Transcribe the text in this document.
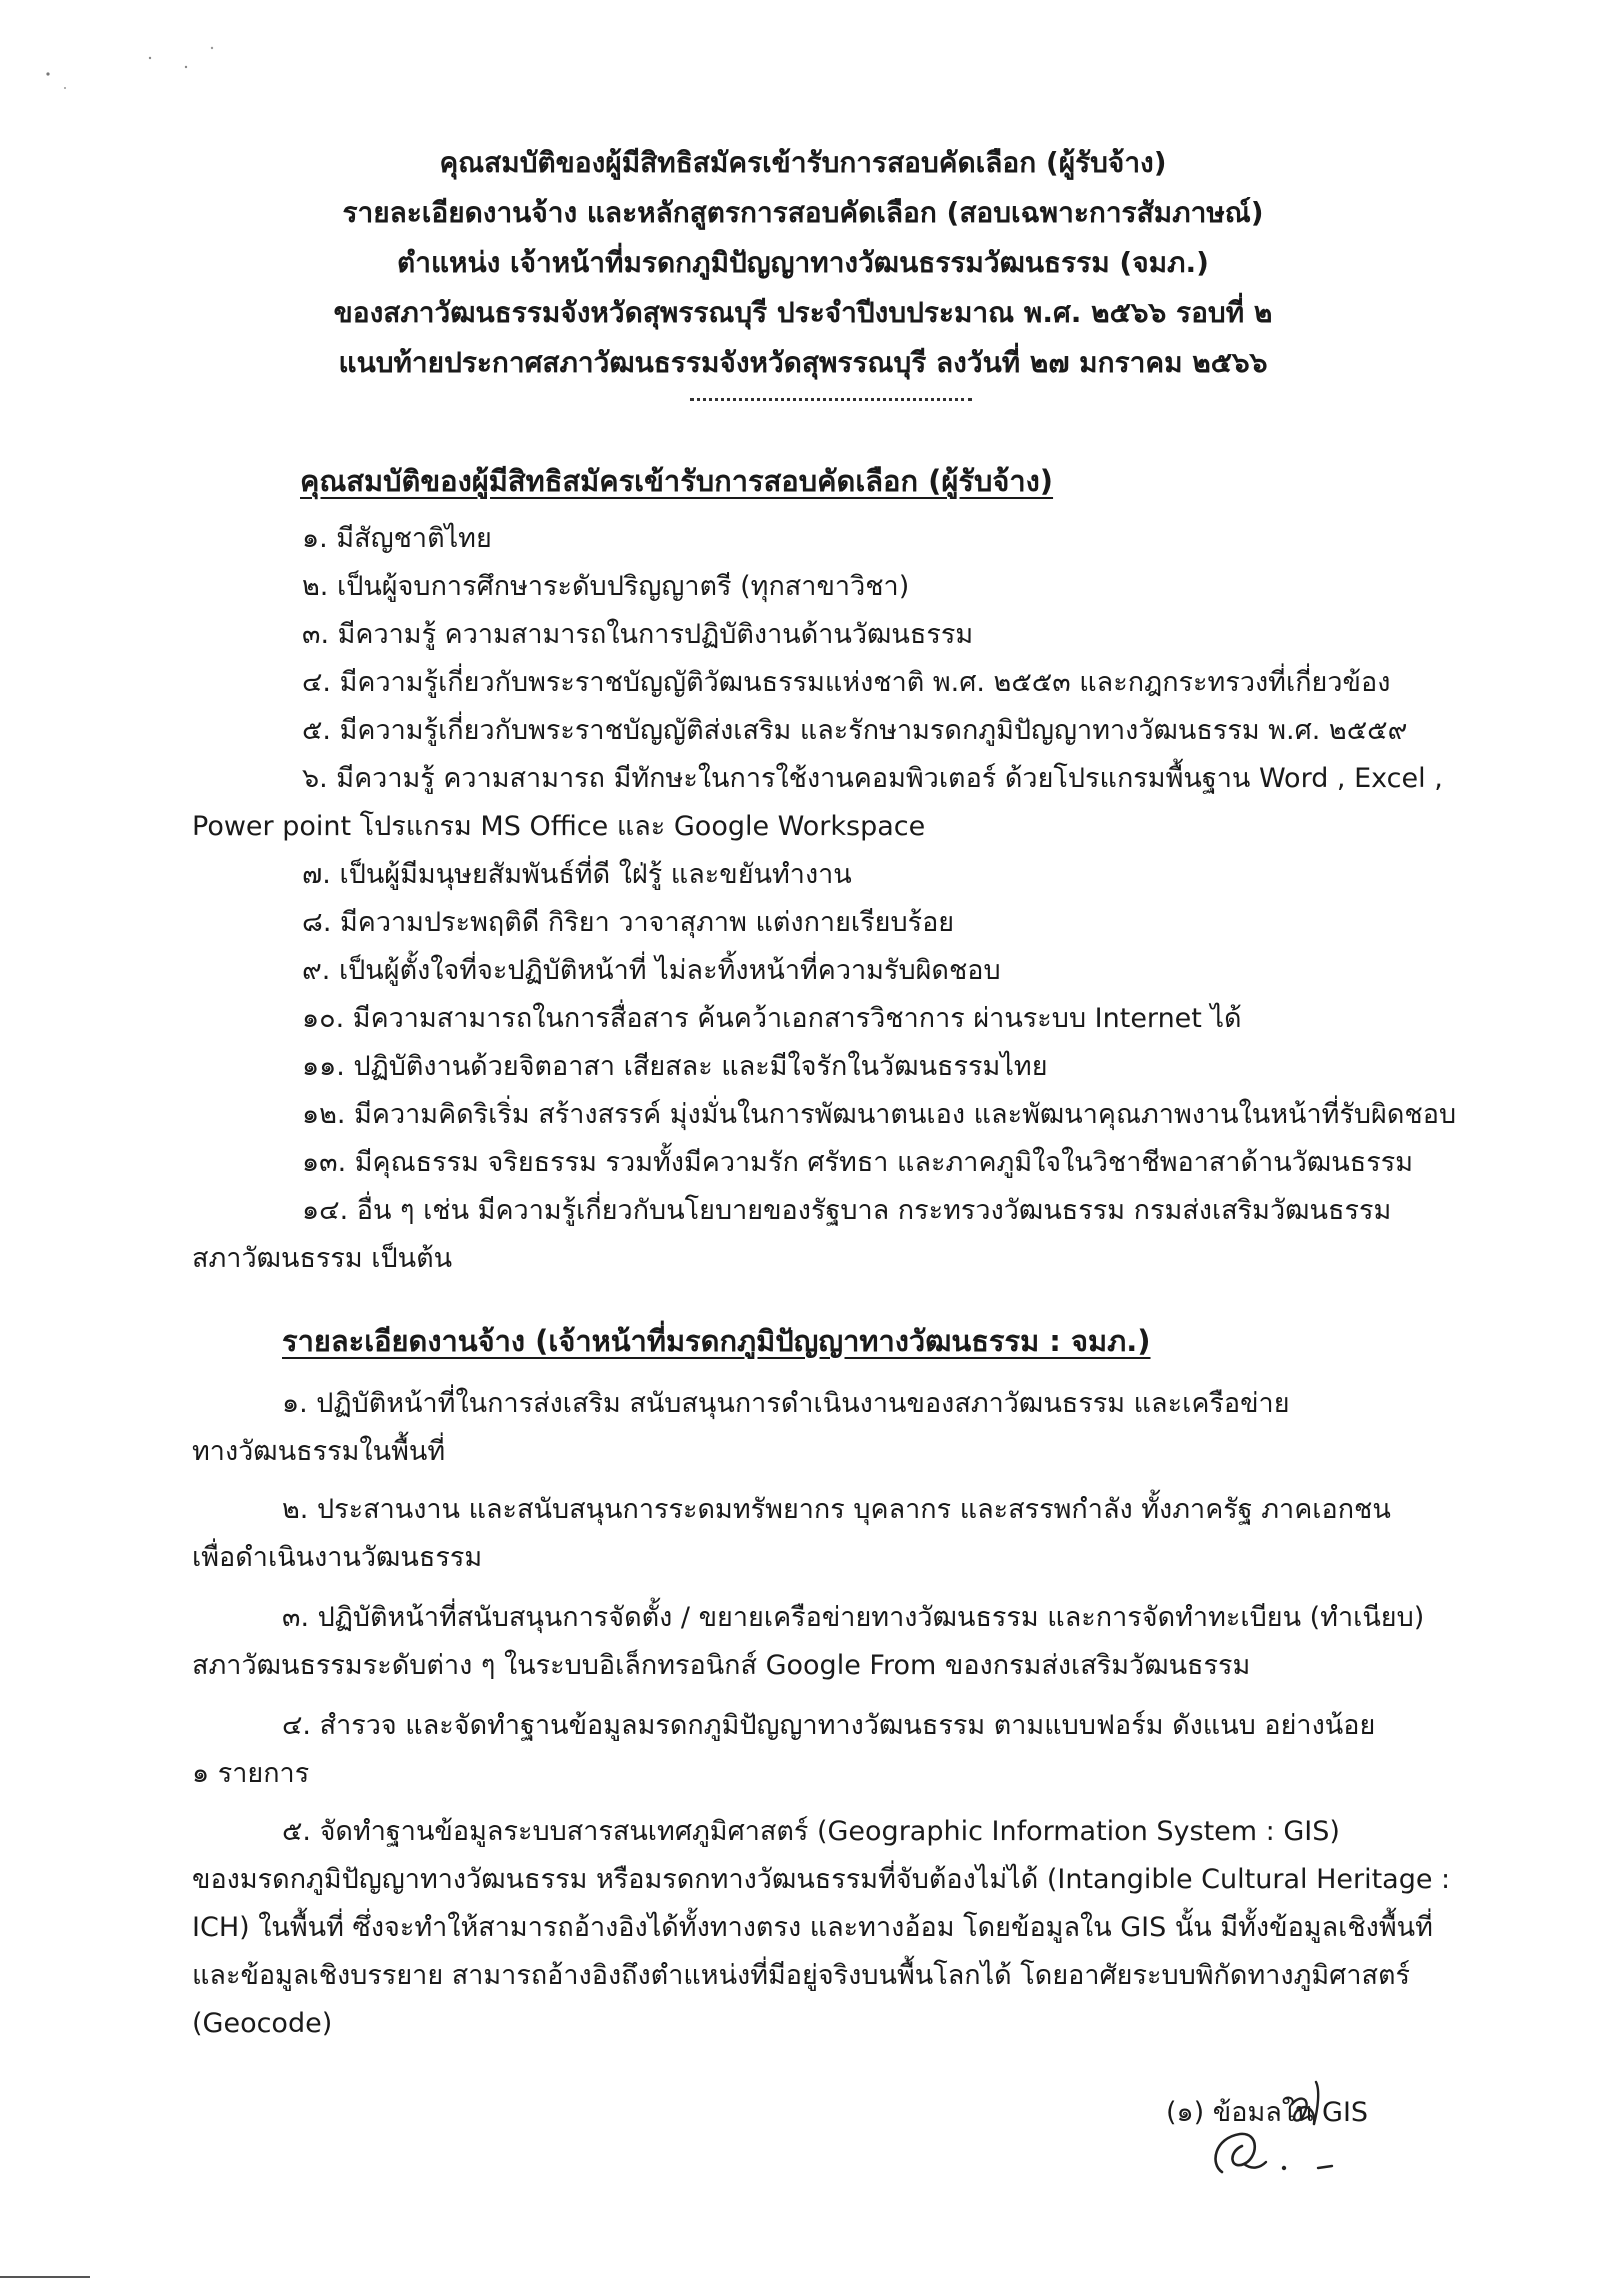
คุณสมบัติของผู้มีสิทธิสมัครเข้ารับการสอบคัดเลือก (ผู้รับจ้าง)
รายละเอียดงานจ้าง และหลักสูตรการสอบคัดเลือก (สอบเฉพาะการสัมภาษณ์)
ตำแหน่ง เจ้าหน้าที่มรดกภูมิปัญญาทางวัฒนธรรมวัฒนธรรม (จมภ.)
ของสภาวัฒนธรรมจังหวัดสุพรรณบุรี ประจำปีงบประมาณ พ.ศ. ๒๕๖๖ รอบที่ ๒
แนบท้ายประกาศสภาวัฒนธรรมจังหวัดสุพรรณบุรี ลงวันที่ ๒๗ มกราคม ๒๕๖๖
คุณสมบัติของผู้มีสิทธิสมัครเข้ารับการสอบคัดเลือก (ผู้รับจ้าง)
๑. มีสัญชาติไทย
๒. เป็นผู้จบการศึกษาระดับปริญญาตรี (ทุกสาขาวิชา)
๓. มีความรู้ ความสามารถในการปฏิบัติงานด้านวัฒนธรรม
๔. มีความรู้เกี่ยวกับพระราชบัญญัติวัฒนธรรมแห่งชาติ พ.ศ. ๒๕๕๓ และกฎกระทรวงที่เกี่ยวข้อง
๕. มีความรู้เกี่ยวกับพระราชบัญญัติส่งเสริม และรักษามรดกภูมิปัญญาทางวัฒนธรรม พ.ศ. ๒๕๕๙
๖. มีความรู้ ความสามารถ มีทักษะในการใช้งานคอมพิวเตอร์ ด้วยโปรแกรมพื้นฐาน Word , Excel ,
Power point โปรแกรม MS Office และ Google Workspace
๗. เป็นผู้มีมนุษยสัมพันธ์ที่ดี ใฝ่รู้ และขยันทำงาน
๘. มีความประพฤติดี กิริยา วาจาสุภาพ แต่งกายเรียบร้อย
๙. เป็นผู้ตั้งใจที่จะปฏิบัติหน้าที่ ไม่ละทิ้งหน้าที่ความรับผิดชอบ
๑๐. มีความสามารถในการสื่อสาร ค้นคว้าเอกสารวิชาการ ผ่านระบบ Internet ได้
๑๑. ปฏิบัติงานด้วยจิตอาสา เสียสละ และมีใจรักในวัฒนธรรมไทย
๑๒. มีความคิดริเริ่ม สร้างสรรค์ มุ่งมั่นในการพัฒนาตนเอง และพัฒนาคุณภาพงานในหน้าที่รับผิดชอบ
๑๓. มีคุณธรรม จริยธรรม รวมทั้งมีความรัก ศรัทธา และภาคภูมิใจในวิชาชีพอาสาด้านวัฒนธรรม
๑๔. อื่น ๆ เช่น มีความรู้เกี่ยวกับนโยบายของรัฐบาล กระทรวงวัฒนธรรม กรมส่งเสริมวัฒนธรรม
สภาวัฒนธรรม เป็นต้น
รายละเอียดงานจ้าง (เจ้าหน้าที่มรดกภูมิปัญญาทางวัฒนธรรม : จมภ.)
๑. ปฏิบัติหน้าที่ในการส่งเสริม สนับสนุนการดำเนินงานของสภาวัฒนธรรม และเครือข่าย
ทางวัฒนธรรมในพื้นที่
๒. ประสานงาน และสนับสนุนการระดมทรัพยากร บุคลากร และสรรพกำลัง ทั้งภาครัฐ ภาคเอกชน
เพื่อดำเนินงานวัฒนธรรม
๓. ปฏิบัติหน้าที่สนับสนุนการจัดตั้ง / ขยายเครือข่ายทางวัฒนธรรม และการจัดทำทะเบียน (ทำเนียบ)
สภาวัฒนธรรมระดับต่าง ๆ ในระบบอิเล็กทรอนิกส์ Google From ของกรมส่งเสริมวัฒนธรรม
๔. สำรวจ และจัดทำฐานข้อมูลมรดกภูมิปัญญาทางวัฒนธรรม ตามแบบฟอร์ม ดังแนบ อย่างน้อย
๑ รายการ
๕. จัดทำฐานข้อมูลระบบสารสนเทศภูมิศาสตร์ (Geographic Information System : GIS)
ของมรดกภูมิปัญญาทางวัฒนธรรม หรือมรดกทางวัฒนธรรมที่จับต้องไม่ได้ (Intangible Cultural Heritage :
ICH) ในพื้นที่ ซึ่งจะทำให้สามารถอ้างอิงได้ทั้งทางตรง และทางอ้อม โดยข้อมูลใน GIS นั้น มีทั้งข้อมูลเชิงพื้นที่
และข้อมูลเชิงบรรยาย สามารถอ้างอิงถึงตำแหน่งที่มีอยู่จริงบนพื้นโลกได้ โดยอาศัยระบบพิกัดทางภูมิศาสตร์
(Geocode)
(๑) ข้อมลใน GIS
